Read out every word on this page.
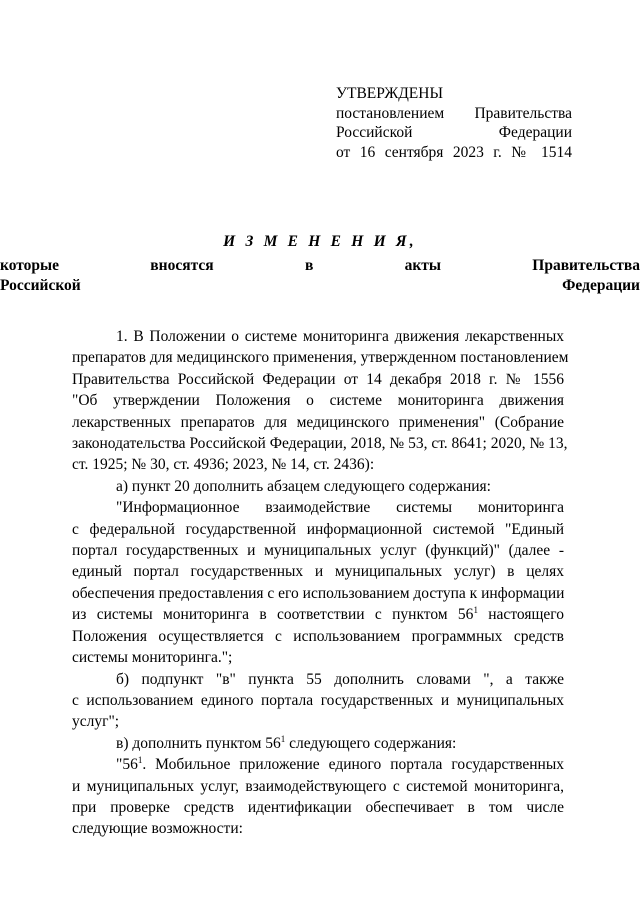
УТВЕРЖДЕНЫ
постановлением Правительства
Российской Федерации
от 16 сентября 2023 г. № 1514
И З М Е Н Е Н И Я,
которые вносятся в акты Правительства
Российской Федерации
1. В Положении о системе мониторинга движения лекарственных
препаратов для медицинского применения, утвержденном постановлением
Правительства Российской Федерации от 14 декабря 2018 г. № 1556
"Об утверждении Положения о системе мониторинга движения
лекарственных препаратов для медицинского применения" (Собрание
законодательства Российской Федерации, 2018, № 53, ст. 8641; 2020, № 13,
ст. 1925; № 30, ст. 4936; 2023, № 14, ст. 2436):
а) пункт 20 дополнить абзацем следующего содержания:
"Информационное взаимодействие системы мониторинга
с федеральной государственной информационной системой "Единый
портал государственных и муниципальных услуг (функций)" (далее -
единый портал государственных и муниципальных услуг) в целях
обеспечения предоставления с его использованием доступа к информации
из системы мониторинга в соответствии с пунктом $56^1$ настоящего
Положения осуществляется с использованием программных средств
системы мониторинга.";
б) подпункт "в" пункта 55 дополнить словами ", а также
с использованием единого портала государственных и муниципальных
услуг";
в) дополнить пунктом $56^1$ следующего содержания:
"$56^1$. Мобильное приложение единого портала государственных
и муниципальных услуг, взаимодействующего с системой мониторинга,
при проверке средств идентификации обеспечивает в том числе
следующие возможности:
